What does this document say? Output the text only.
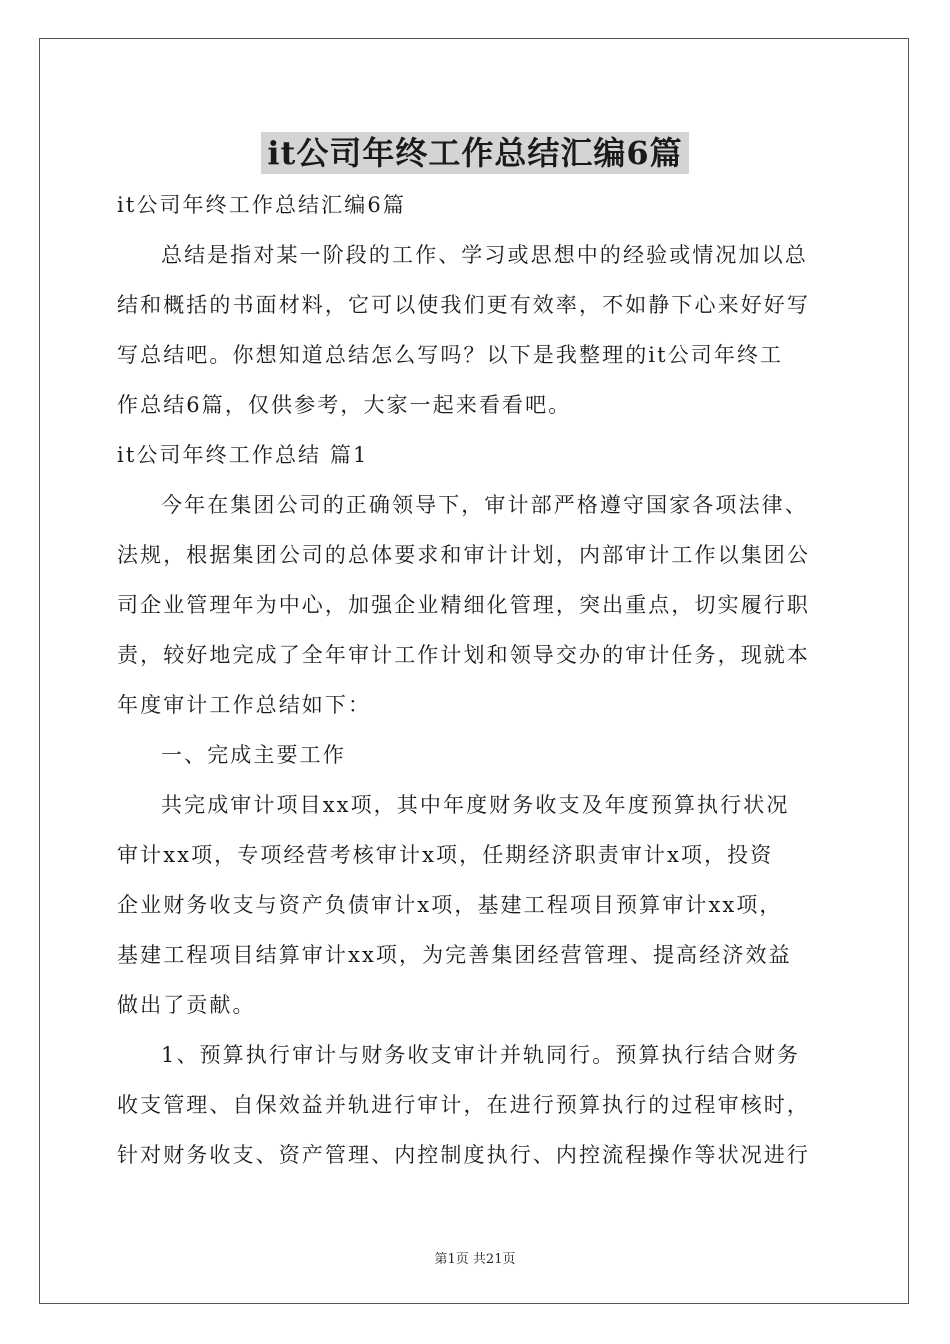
it公司年终工作总结汇编6篇
it公司年终工作总结汇编6篇
总结是指对某一阶段的工作、学习或思想中的经验或情况加以总
结和概括的书面材料，它可以使我们更有效率，不如静下心来好好写
写总结吧。你想知道总结怎么写吗？以下是我整理的it公司年终工
作总结6篇，仅供参考，大家一起来看看吧。
it公司年终工作总结 篇1
今年在集团公司的正确领导下，审计部严格遵守国家各项法律、
法规，根据集团公司的总体要求和审计计划，内部审计工作以集团公
司企业管理年为中心，加强企业精细化管理，突出重点，切实履行职
责，较好地完成了全年审计工作计划和领导交办的审计任务，现就本
年度审计工作总结如下：
一、完成主要工作
共完成审计项目xx项，其中年度财务收支及年度预算执行状况
审计xx项，专项经营考核审计x项，任期经济职责审计x项，投资
企业财务收支与资产负债审计x项，基建工程项目预算审计xx项，
基建工程项目结算审计xx项，为完善集团经营管理、提高经济效益
做出了贡献。
1、预算执行审计与财务收支审计并轨同行。预算执行结合财务
收支管理、自保效益并轨进行审计，在进行预算执行的过程审核时，
针对财务收支、资产管理、内控制度执行、内控流程操作等状况进行
第1页 共21页
